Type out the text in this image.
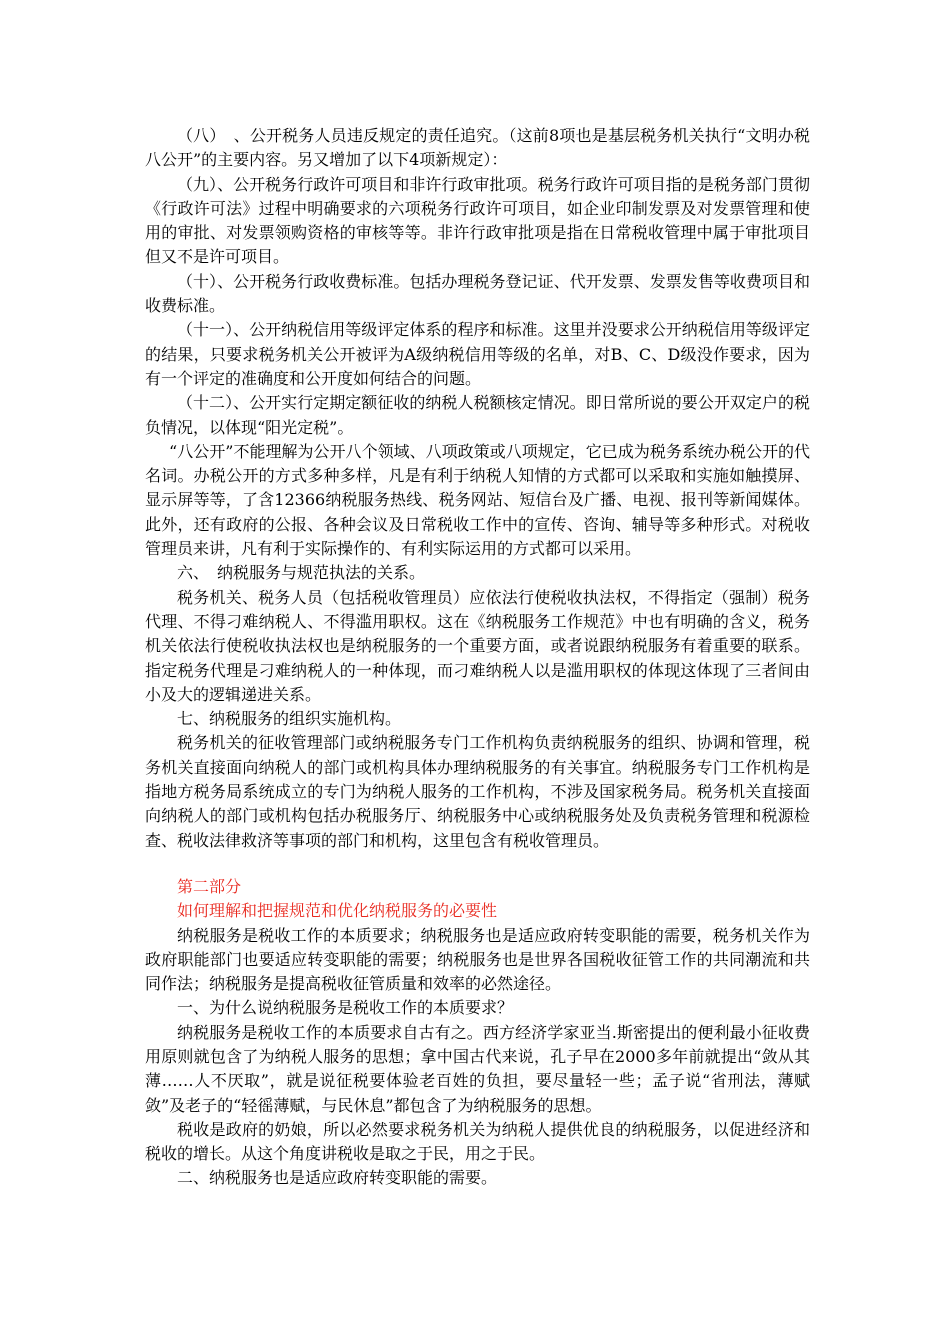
（八）　、公开税务人员违反规定的责任追究。（这前8项也是基层税务机关执行“文明办税八公开”的主要内容。另又增加了以下4项新规定）：

（九）、公开税务行政许可项目和非许行政审批项。税务行政许可项目指的是税务部门贯彻《行政许可法》过程中明确要求的六项税务行政许可项目，如企业印制发票及对发票管理和使用的审批、对发票领购资格的审核等等。非许行政审批项是指在日常税收管理中属于审批项目但又不是许可项目。

（十）、公开税务行政收费标准。包括办理税务登记证、代开发票、发票发售等收费项目和收费标准。

（十一）、公开纳税信用等级评定体系的程序和标准。这里并没要求公开纳税信用等级评定的结果，只要求税务机关公开被评为A级纳税信用等级的名单，对B、C、D级没作要求，因为有一个评定的准确度和公开度如何结合的问题。

（十二）、公开实行定期定额征收的纳税人税额核定情况。即日常所说的要公开双定户的税负情况，以体现“阳光定税”。

“八公开”不能理解为公开八个领域、八项政策或八项规定，它已成为税务系统办税公开的代名词。办税公开的方式多种多样，凡是有利于纳税人知情的方式都可以采取和实施如触摸屏、显示屏等等，了含12366纳税服务热线、税务网站、短信台及广播、电视、报刊等新闻媒体。此外，还有政府的公报、各种会议及日常税收工作中的宣传、咨询、辅导等多种形式。对税收管理员来讲，凡有利于实际操作的、有利实际运用的方式都可以采用。

六、　纳税服务与规范执法的关系。

税务机关、税务人员（包括税收管理员）应依法行使税收执法权，不得指定（强制）税务代理、不得刁难纳税人、不得滥用职权。这在《纳税服务工作规范》中也有明确的含义，税务机关依法行使税收执法权也是纳税服务的一个重要方面，或者说跟纳税服务有着重要的联系。指定税务代理是刁难纳税人的一种体现，而刁难纳税人以是滥用职权的体现这体现了三者间由小及大的逻辑递进关系。

七、纳税服务的组织实施机构。

税务机关的征收管理部门或纳税服务专门工作机构负责纳税服务的组织、协调和管理，税务机关直接面向纳税人的部门或机构具体办理纳税服务的有关事宜。纳税服务专门工作机构是指地方税务局系统成立的专门为纳税人服务的工作机构，不涉及国家税务局。税务机关直接面向纳税人的部门或机构包括办税服务厅、纳税服务中心或纳税服务处及负责税务管理和税源检查、税收法律救济等事项的部门和机构，这里包含有税收管理员。

第二部分

如何理解和把握规范和优化纳税服务的必要性

纳税服务是税收工作的本质要求；纳税服务也是适应政府转变职能的需要，税务机关作为政府职能部门也要适应转变职能的需要；纳税服务也是世界各国税收征管工作的共同潮流和共同作法；纳税服务是提高税收征管质量和效率的必然途径。

一、为什么说纳税服务是税收工作的本质要求？

纳税服务是税收工作的本质要求自古有之。西方经济学家亚当.斯密提出的便利最小征收费用原则就包含了为纳税人服务的思想；拿中国古代来说，孔子早在2000多年前就提出“敛从其薄……人不厌取”，就是说征税要体验老百姓的负担，要尽量轻一些；孟子说“省刑法，薄赋敛”及老子的“轻徭薄赋，与民休息”都包含了为纳税服务的思想。

税收是政府的奶娘，所以必然要求税务机关为纳税人提供优良的纳税服务，以促进经济和税收的增长。从这个角度讲税收是取之于民，用之于民。

二、纳税服务也是适应政府转变职能的需要。
